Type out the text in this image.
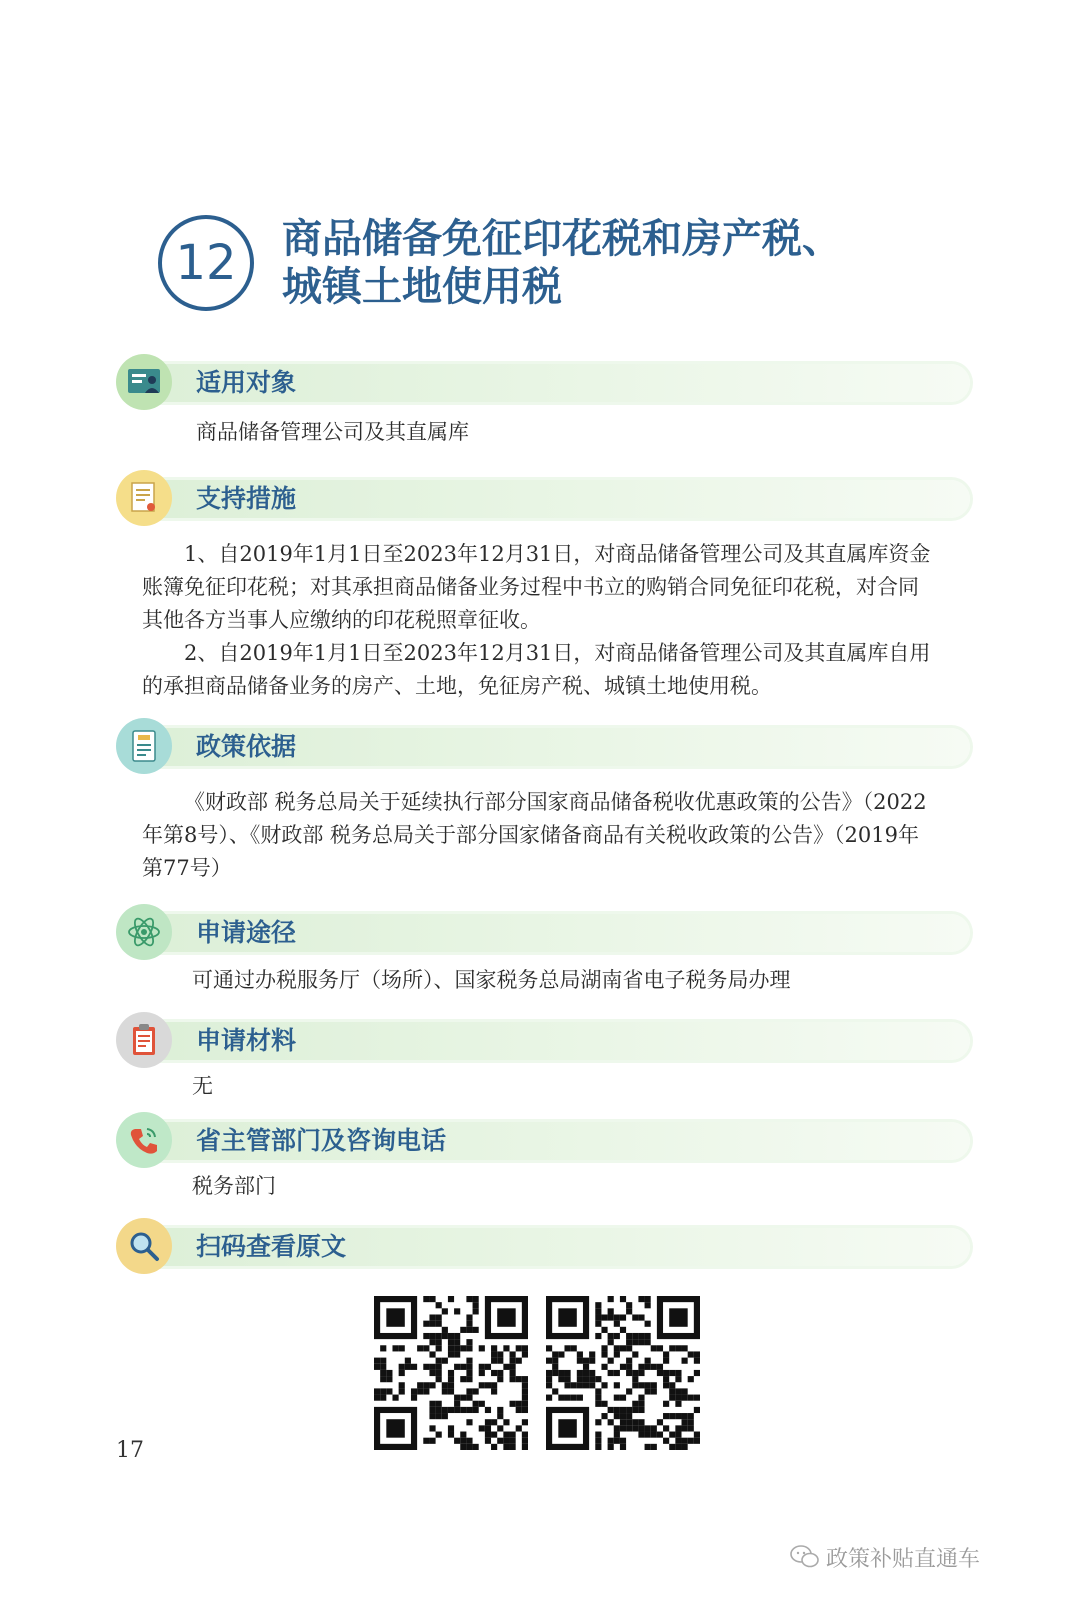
12	商品储备免征印花税和房产税、
城镇土地使用税
适用对象
商品储备管理公司及其直属库
支持措施

1、自2019年1月1日至2023年12月31日，对商品储备管理公司及其直属库资金账簿免征印花税；对其承担商品储备业务过程中书立的购销合同免征印花税，对合同其他各方当事人应缴纳的印花税照章征收。

2、自2019年1月1日至2023年12月31日，对商品储备管理公司及其直属库自用的承担商品储备业务的房产、土地，免征房产税、城镇土地使用税。

政策依据

《财政部 税务总局关于延续执行部分国家商品储备税收优惠政策的公告》（2022年第8号）、《财政部 税务总局关于部分国家储备商品有关税收政策的公告》（2019年第77号）

申请途径
可通过办税服务厅（场所）、国家税务总局湖南省电子税务局办理
申请材料
无
省主管部门及咨询电话
税务部门
扫码查看原文
17
政策补贴直通车
